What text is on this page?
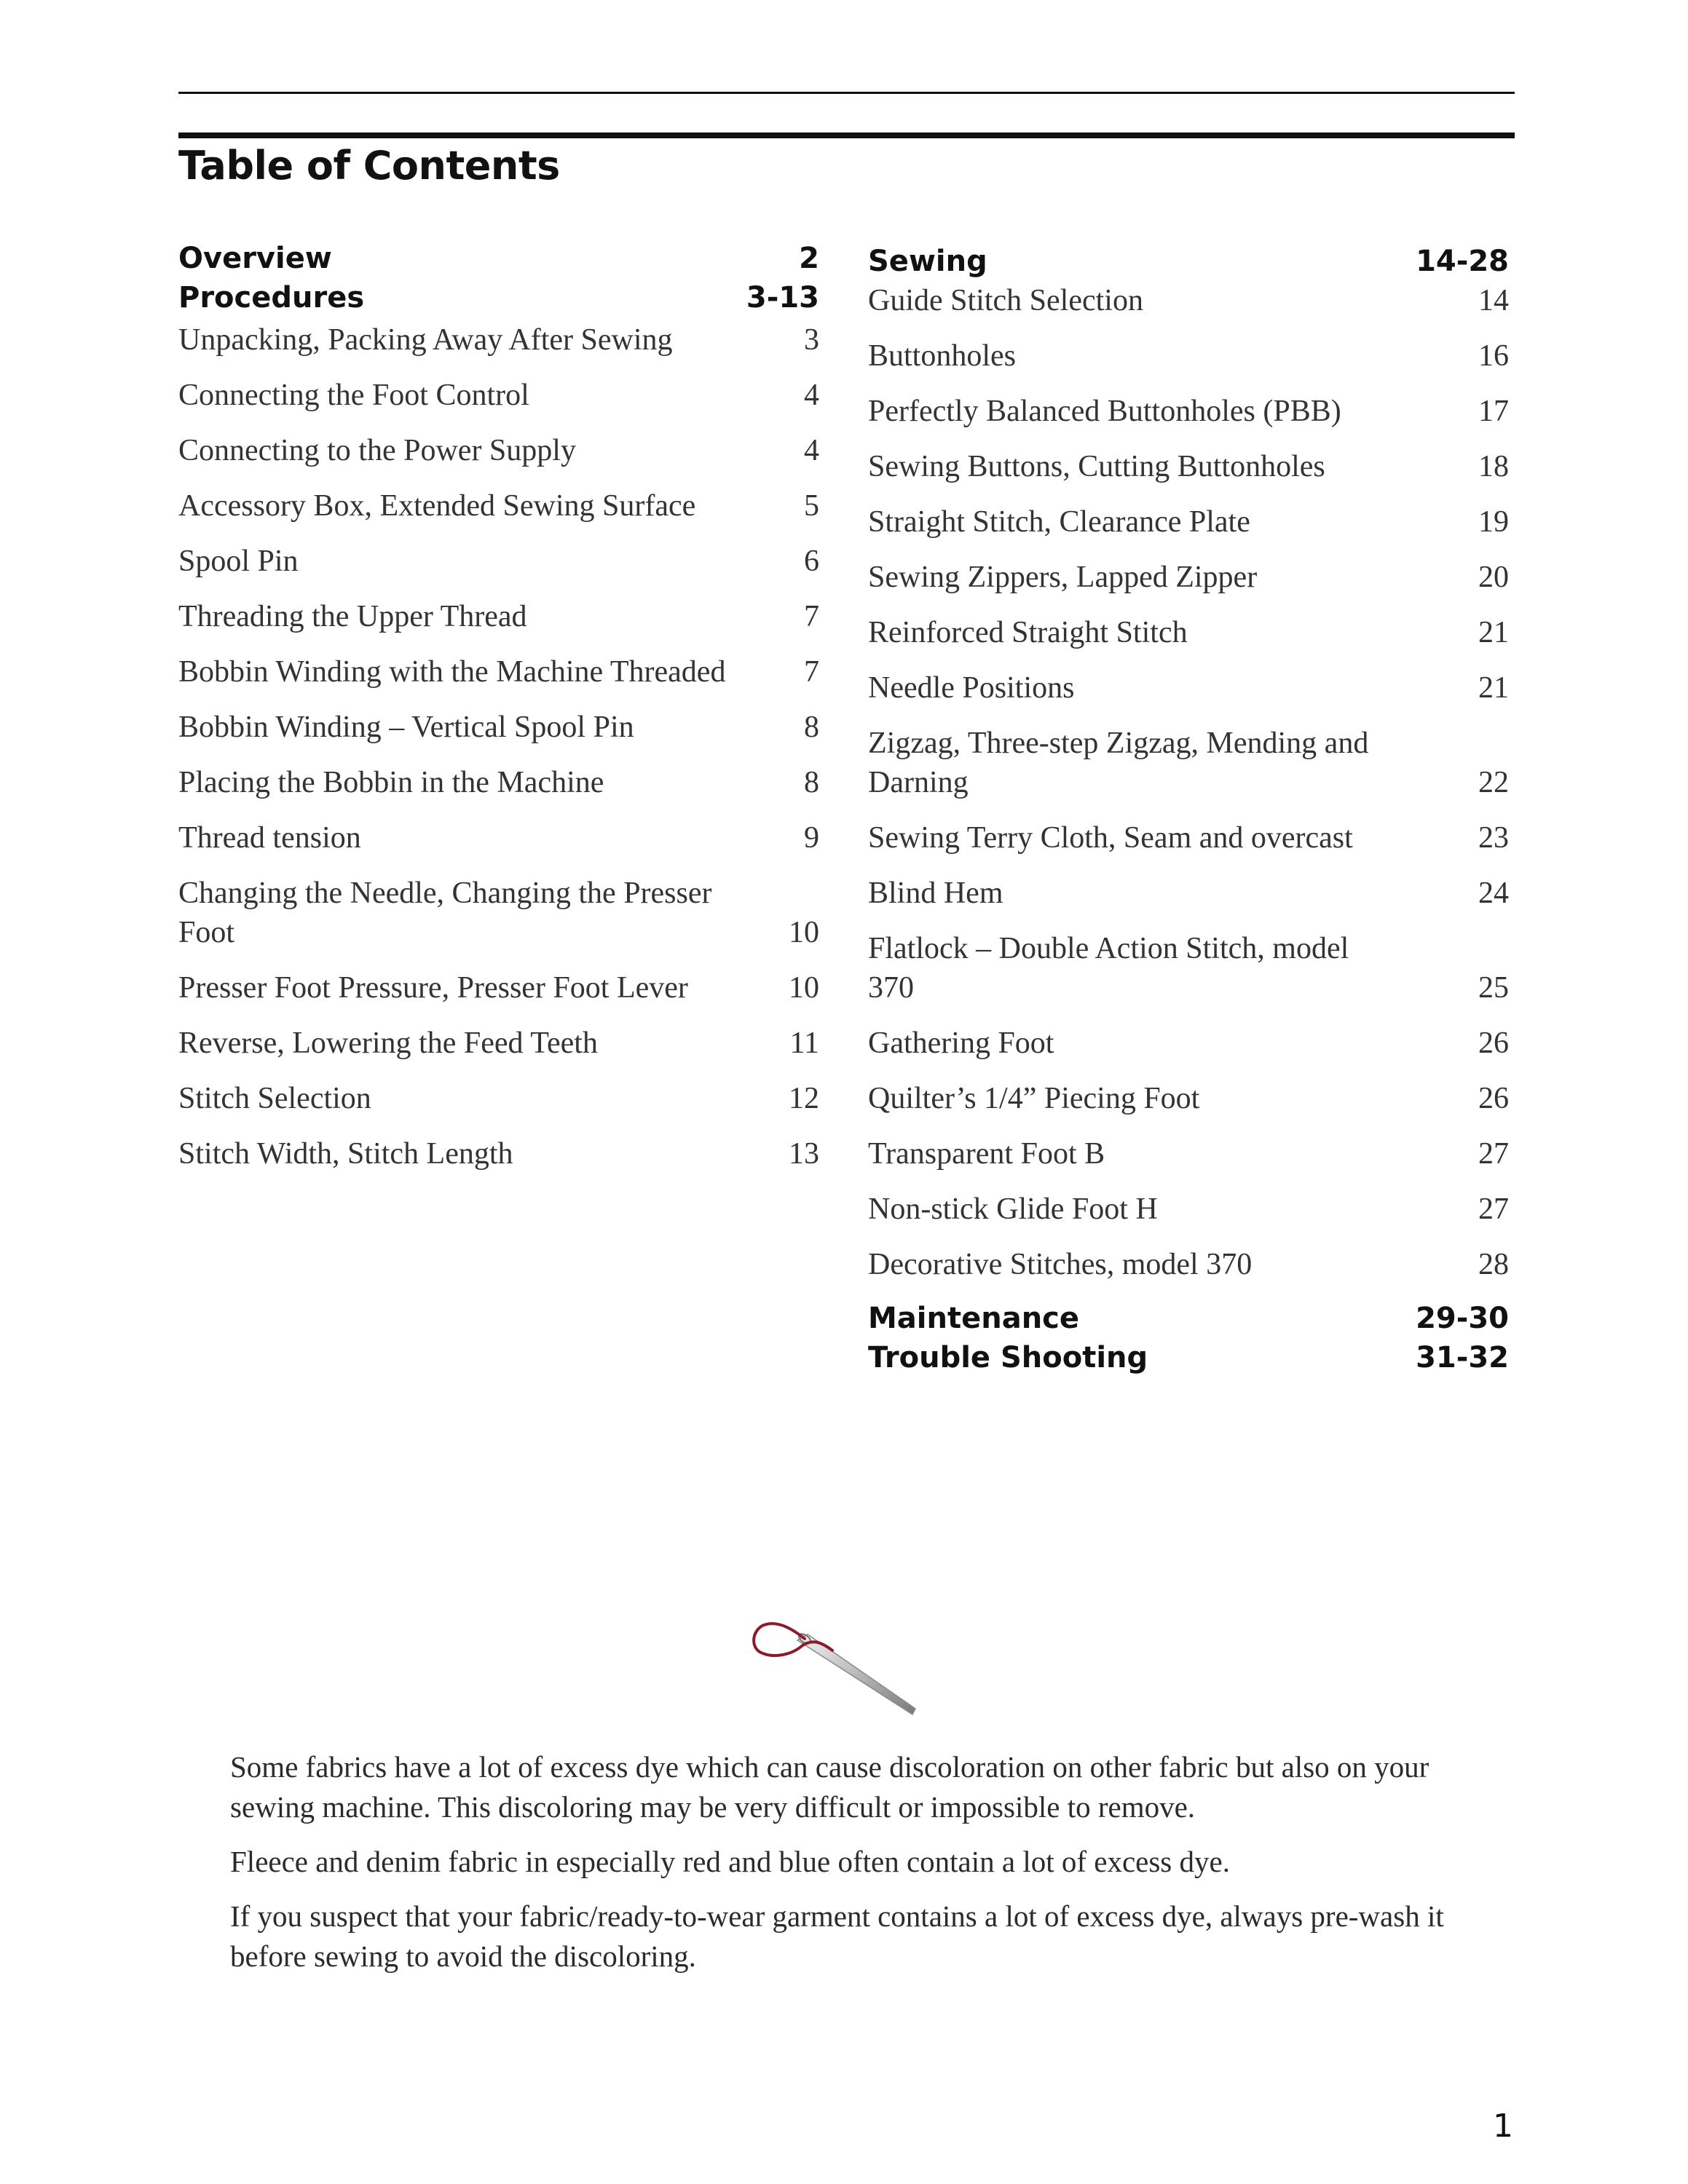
Table of Contents
Overview	2
Procedures	3-13
Unpacking, Packing Away After Sewing	3
Connecting the Foot Control	4
Connecting to the Power Supply	4
Accessory Box, Extended Sewing Surface	5
Spool Pin	6
Threading the Upper Thread	7
Bobbin Winding with the Machine Threaded	7
Bobbin Winding – Vertical Spool Pin	8
Placing the Bobbin in the Machine	8
Thread tension	9
Changing the Needle, Changing the Presser Foot	10
Presser Foot Pressure, Presser Foot Lever	10
Reverse, Lowering the Feed Teeth	11
Stitch Selection	12
Stitch Width, Stitch Length	13
Sewing	14-28
Guide Stitch Selection	14
Buttonholes	16
Perfectly Balanced Buttonholes (PBB)	17
Sewing Buttons, Cutting Buttonholes	18
Straight Stitch, Clearance Plate	19
Sewing Zippers, Lapped Zipper	20
Reinforced Straight Stitch	21
Needle Positions	21
Zigzag, Three-step Zigzag, Mending and Darning	22
Sewing Terry Cloth, Seam and overcast	23
Blind Hem	24
Flatlock – Double Action Stitch, model 370	25
Gathering Foot	26
Quilter’s 1/4” Piecing Foot	26
Transparent Foot B	27
Non-stick Glide Foot H	27
Decorative Stitches, model 370	28
Maintenance	29-30
Trouble Shooting	31-32

Some fabrics have a lot of excess dye which can cause discoloration on other fabric but also on your sewing machine. This discoloring may be very difficult or impossible to remove.

Fleece and denim fabric in especially red and blue often contain a lot of excess dye.

If you suspect that your fabric/ready-to-wear garment contains a lot of excess dye, always pre-wash it before sewing to avoid the discoloring.

1
